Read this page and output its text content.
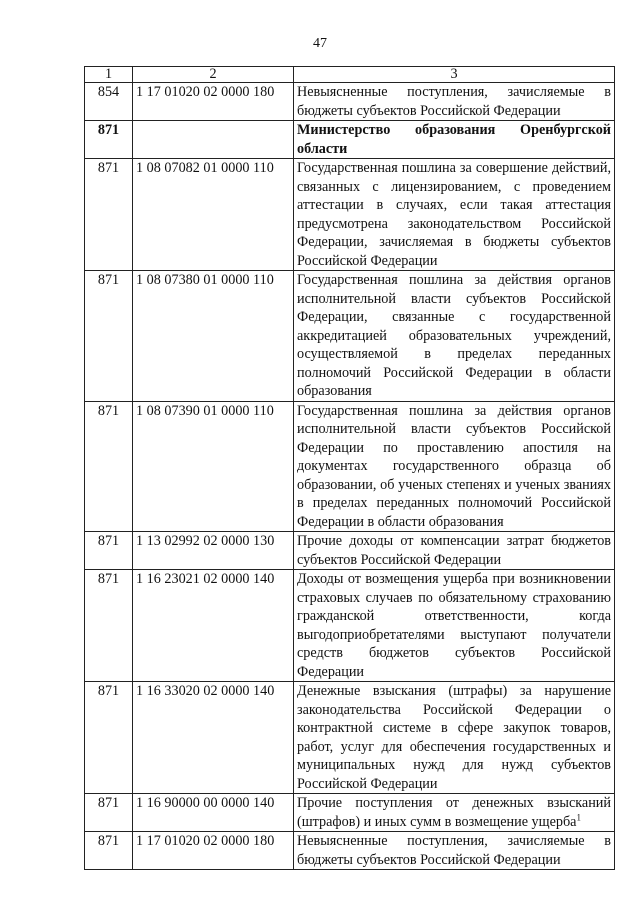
47
1	2	3
854	1 17 01020 02 0000 180	Невыясненные поступления, зачисляемые в бюджеты субъектов Российской Федерации
871		Министерство образования Оренбургской области
871	1 08 07082 01 0000 110	Государственная пошлина за совершение действий, связанных с лицензированием, с проведением аттестации в случаях, если такая аттестация предусмотрена законодательством Российской Федерации, зачисляемая в бюджеты субъектов Российской Федерации
871	1 08 07380 01 0000 110	Государственная пошлина за действия органов исполнительной власти субъектов Российской Федерации, связанные с государственной аккредитацией образовательных учреждений, осуществляемой в пределах переданных полномочий Российской Федерации в области образования
871	1 08 07390 01 0000 110	Государственная пошлина за действия органов исполнительной власти субъектов Российской Федерации по проставлению апостиля на документах государственного образца об образовании, об ученых степенях и ученых званиях в пределах переданных полномочий Российской Федерации в области образования
871	1 13 02992 02 0000 130	Прочие доходы от компенсации затрат бюджетов субъектов Российской Федерации
871	1 16 23021 02 0000 140	Доходы от возмещения ущерба при возникновении страховых случаев по обязательному страхованию гражданской ответственности, когда выгодоприобретателями выступают получатели средств бюджетов субъектов Российской Федерации
871	1 16 33020 02 0000 140	Денежные взыскания (штрафы) за нарушение законодательства Российской Федерации о контрактной системе в сфере закупок товаров, работ, услуг для обеспечения государственных и муниципальных нужд для нужд субъектов Российской Федерации
871	1 16 90000 00 0000 140	Прочие поступления от денежных взысканий (штрафов) и иных сумм в возмещение ущерба$^1$
871	1 17 01020 02 0000 180	Невыясненные поступления, зачисляемые в бюджеты субъектов Российской Федерации
